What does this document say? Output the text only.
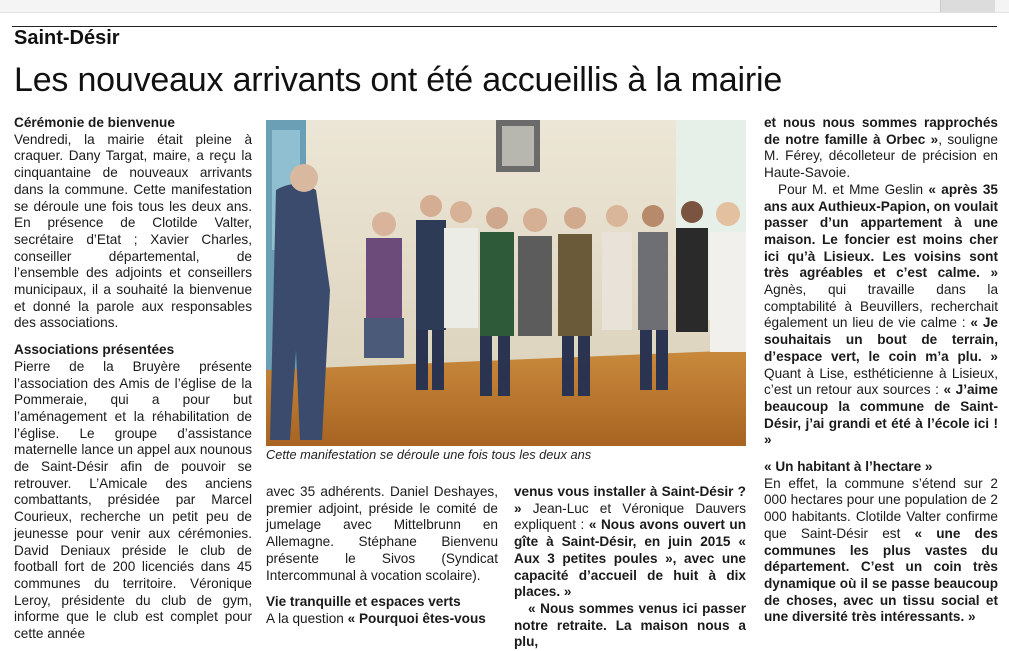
Saint-Désir
Les nouveaux arrivants ont été accueillis à la mairie

Cérémonie de bienvenue

Vendredi, la mairie était pleine à craquer. Dany Targat, maire, a reçu la cinquantaine de nouveaux arrivants dans la commune. Cette manifestation se déroule une fois tous les deux ans. En présence de Clotilde Valter, secrétaire d’Etat ; Xavier Charles, conseiller départemental, de l’ensemble des adjoints et conseillers municipaux, il a souhaité la bienvenue et donné la parole aux responsables des associations.

Associations présentées

Pierre de la Bruyère présente l’association des Amis de l’église de la Pommeraie, qui a pour but l’aménagement et la réhabilitation de l’église. Le groupe d’assistance maternelle lance un appel aux nounous de Saint-Désir afin de pouvoir se retrouver. L’Amicale des anciens combattants, présidée par Marcel Courieux, recherche un petit peu de jeunesse pour venir aux cérémonies. David Deniaux préside le club de football fort de 200 licenciés dans 45 communes du territoire. Véronique Leroy, présidente du club de gym, informe que le club est complet pour cette année

Cette manifestation se déroule une fois tous les deux ans

avec 35 adhérents. Daniel Deshayes, premier adjoint, préside le comité de jumelage avec Mittelbrunn en Allemagne. Stéphane Bienvenu présente le Sivos (Syndicat Intercommunal à vocation scolaire).

Vie tranquille et espaces verts

A la question « Pourquoi êtes-vous

venus vous installer à Saint-Désir ? » Jean-Luc et Véronique Dauvers expliquent : « Nous avons ouvert un gîte à Saint-Désir, en juin 2015 « Aux 3 petites poules », avec une capacité d’accueil de huit à dix places. »

« Nous sommes venus ici passer notre retraite. La maison nous a plu,

et nous nous sommes rapprochés de notre famille à Orbec », souligne M. Férey, décolleteur de précision en Haute-Savoie.

Pour M. et Mme Geslin « après 35 ans aux Authieux-Papion, on voulait passer d’un appartement à une maison. Le foncier est moins cher ici qu’à Lisieux. Les voisins sont très agréables et c’est calme. » Agnès, qui travaille dans la comptabilité à Beuvillers, recherchait également un lieu de vie calme : « Je souhaitais un bout de terrain, d’espace vert, le coin m’a plu. » Quant à Lise, esthéticienne à Lisieux, c’est un retour aux sources : « J’aime beaucoup la commune de Saint-Désir, j’ai grandi et été à l’école ici ! »

« Un habitant à l’hectare »

En effet, la commune s’étend sur 2 000 hectares pour une population de 2 000 habitants. Clotilde Valter confirme que Saint-Désir est « une des communes les plus vastes du département. C’est un coin très dynamique où il se passe beaucoup de choses, avec un tissu social et une diversité très intéressants. »
